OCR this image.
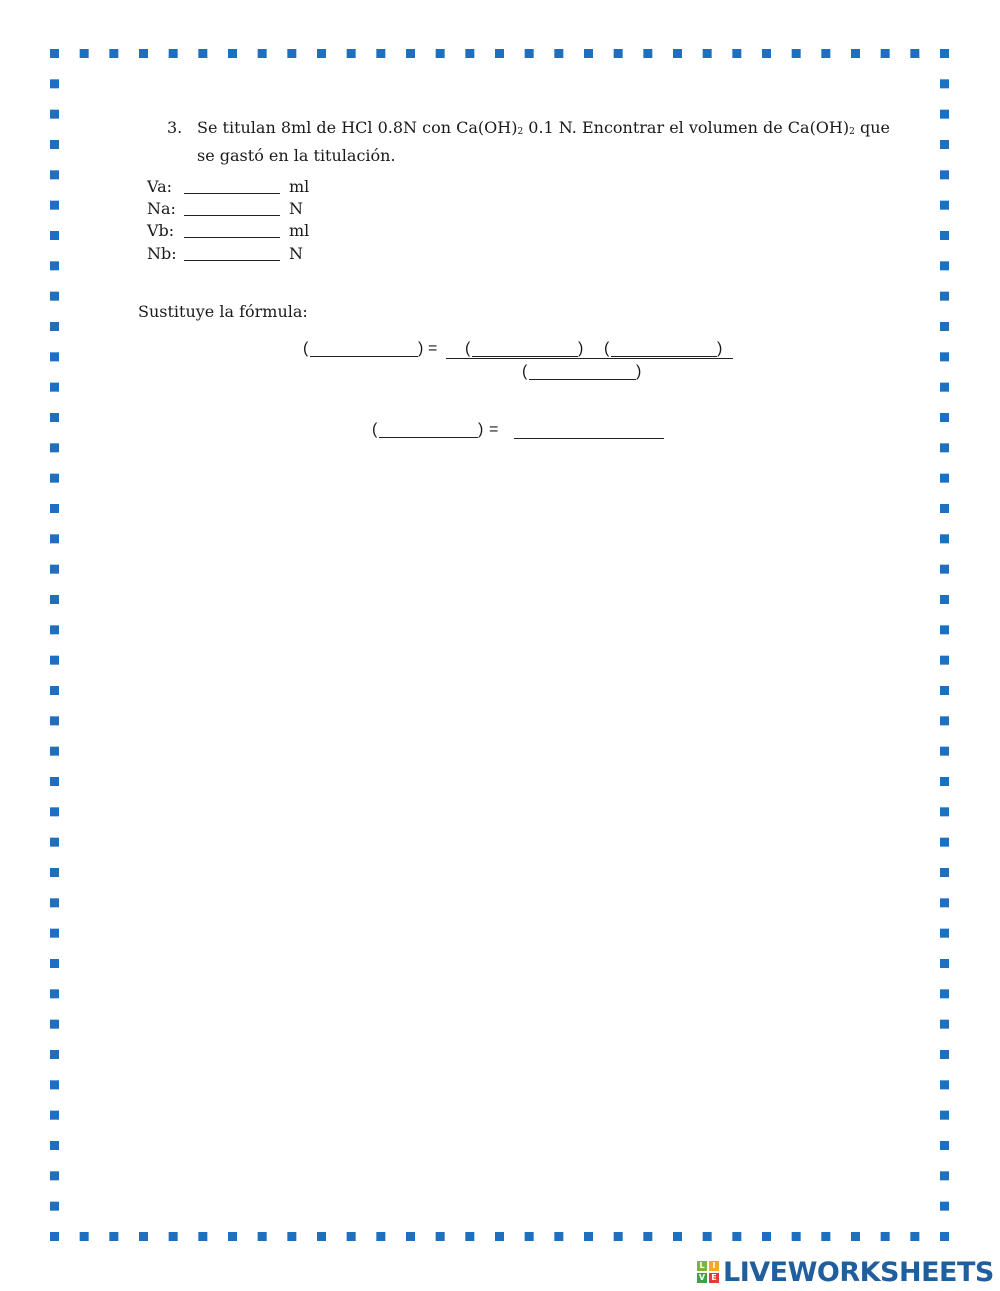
3. Se titulan 8ml de HCl 0.8N con $Ca(OH)_2$ 0.1 N. Encontrar el volumen de $Ca(OH)_2$ que
se gastó en la titulación.
Va:	ml
Na:	N
Vb:	ml
Nb:	N
Sustituye la fórmula:
(	) = (	) (	)
(	)
(	) =
L I
V E LIVEWORKSHEETS
